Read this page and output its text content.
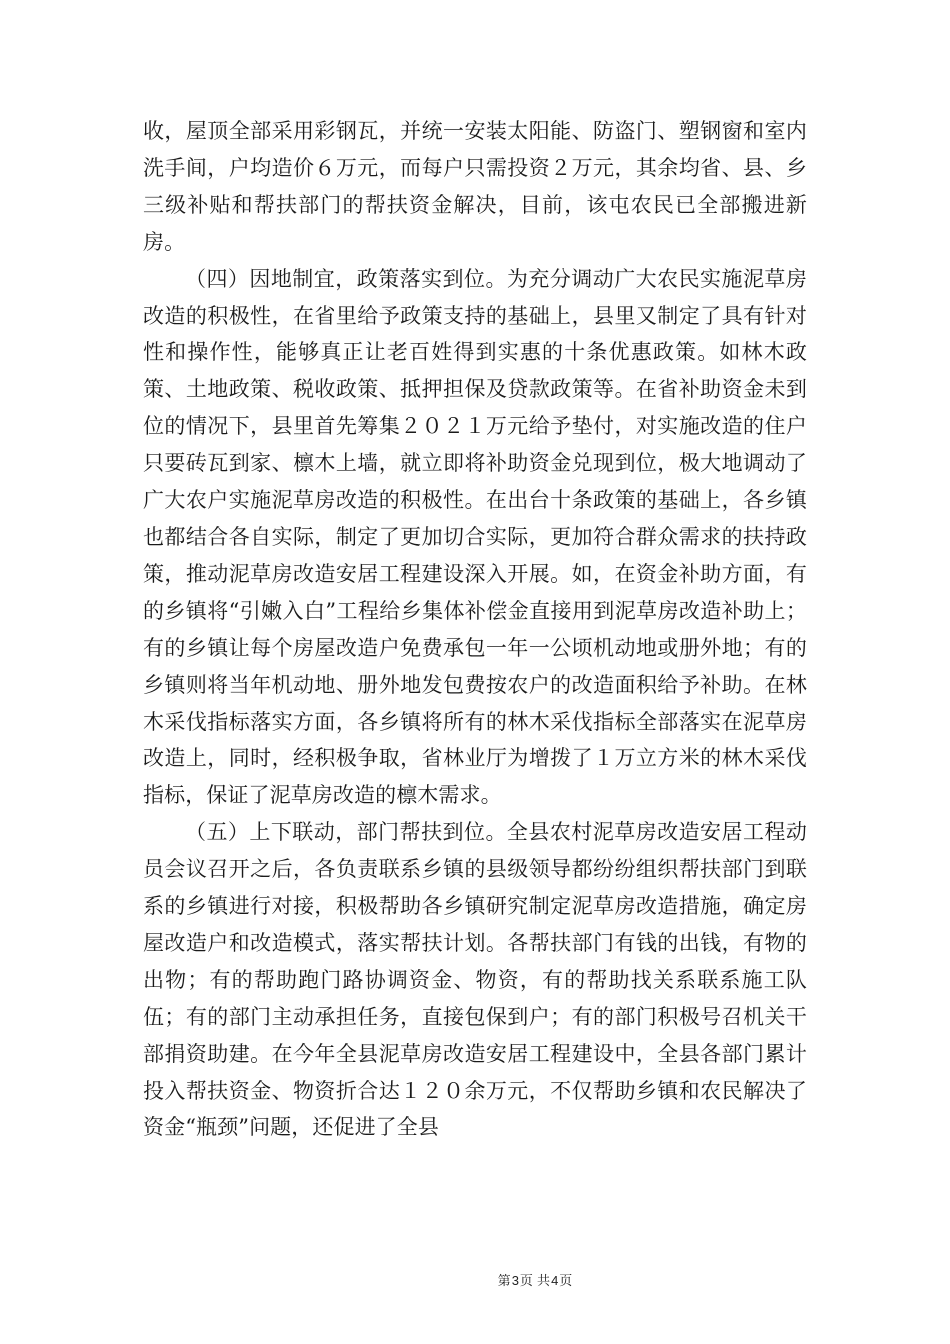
收，屋顶全部采用彩钢瓦，并统一安装太阳能、防盗门、塑钢窗和室内洗手间，户均造价６万元，而每户只需投资２万元，其余均省、县、乡三级补贴和帮扶部门的帮扶资金解决，目前，该屯农民已全部搬进新房。

（四）因地制宜，政策落实到位。为充分调动广大农民实施泥草房改造的积极性，在省里给予政策支持的基础上，县里又制定了具有针对性和操作性，能够真正让老百姓得到实惠的十条优惠政策。如林木政策、土地政策、税收政策、抵押担保及贷款政策等。在省补助资金未到位的情况下，县里首先筹集２０２１万元给予垫付，对实施改造的住户只要砖瓦到家、檩木上墙，就立即将补助资金兑现到位，极大地调动了广大农户实施泥草房改造的积极性。在出台十条政策的基础上，各乡镇也都结合各自实际，制定了更加切合实际，更加符合群众需求的扶持政策，推动泥草房改造安居工程建设深入开展。如，在资金补助方面，有的乡镇将“引嫩入白”工程给乡集体补偿金直接用到泥草房改造补助上；有的乡镇让每个房屋改造户免费承包一年一公顷机动地或册外地；有的乡镇则将当年机动地、册外地发包费按农户的改造面积给予补助。在林木采伐指标落实方面，各乡镇将所有的林木采伐指标全部落实在泥草房改造上，同时，经积极争取，省林业厅为增拨了１万立方米的林木采伐指标，保证了泥草房改造的檩木需求。

（五）上下联动，部门帮扶到位。全县农村泥草房改造安居工程动员会议召开之后，各负责联系乡镇的县级领导都纷纷组织帮扶部门到联系的乡镇进行对接，积极帮助各乡镇研究制定泥草房改造措施，确定房屋改造户和改造模式，落实帮扶计划。各帮扶部门有钱的出钱，有物的出物；有的帮助跑门路协调资金、物资，有的帮助找关系联系施工队伍；有的部门主动承担任务，直接包保到户；有的部门积极号召机关干部捐资助建。在今年全县泥草房改造安居工程建设中，全县各部门累计投入帮扶资金、物资折合达１２０余万元，不仅帮助乡镇和农民解决了资金“瓶颈”问题，还促进了全县

第3页 共4页
